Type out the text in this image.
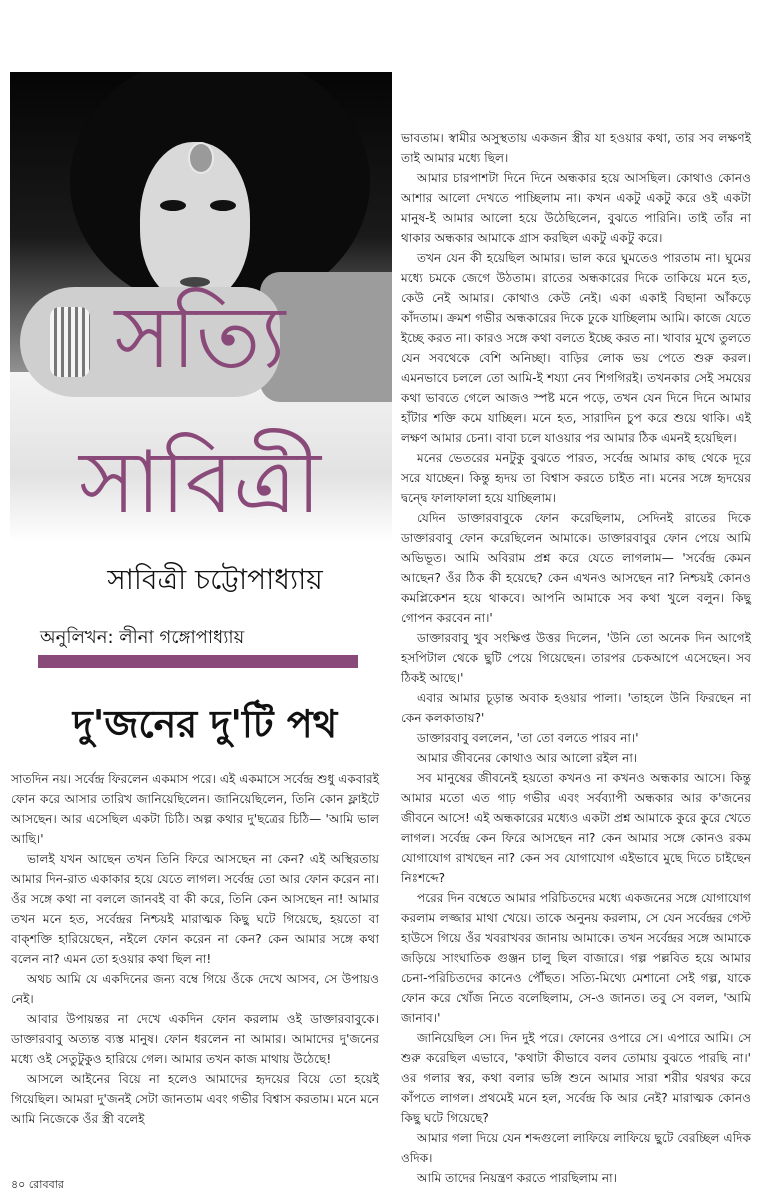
সত্যি
সাবিত্রী
সাবিত্রী চট্টোপাধ্যায়
অনুলিখন: লীনা গঙ্গোপাধ্যায়
দু'জনের দু'টি পথ

সাতদিন নয়। সর্বেন্দ্র ফিরলেন একমাস পরে। এই একমাসে সর্বেন্দ্র শুধু একবারই ফোন করে আসার তারিখ জানিয়েছিলেন। জানিয়েছিলেন, তিনি কোন ফ্লাইটে আসছেন। আর এসেছিল একটা চিঠি। অল্প কথার দু'ছত্রের চিঠি— 'আমি ভাল আছি।'

ভালই যখন আছেন তখন তিনি ফিরে আসছেন না কেন? এই অস্থিরতায় আমার দিন-রাত একাকার হয়ে যেতে লাগল। সর্বেন্দ্র তো আর ফোন করেন না। ওঁর সঙ্গে কথা না বললে জানবই বা কী করে, তিনি কেন আসছেন না! আমার তখন মনে হত, সর্বেন্দ্রর নিশ্চয়ই মারাত্মক কিছু ঘটে গিয়েছে, হয়তো বা বাক্‌শক্তি হারিয়েছেন, নইলে ফোন করেন না কেন? কেন আমার সঙ্গে কথা বলেন না? এমন তো হওয়ার কথা ছিল না!

অথচ আমি যে একদিনের জন্য বম্বে গিয়ে ওঁকে দেখে আসব, সে উপায়ও নেই।

আবার উপায়ন্তর না দেখে একদিন ফোন করলাম ওই ডাক্তারবাবুকে। ডাক্তারবাবু অত্যন্ত ব্যস্ত মানুষ। ফোন ধরলেন না আমার। আমাদের দু'জনের মধ্যে ওই সেতুটুকুও হারিয়ে গেল। আমার তখন কাজ মাথায় উঠেছে!

আসলে আইনের বিয়ে না হলেও আমাদের হৃদয়ের বিয়ে তো হয়েই গিয়েছিল। আমরা দু'জনই সেটা জানতাম এবং গভীর বিশ্বাস করতাম। মনে মনে আমি নিজেকে ওঁর স্ত্রী বলেই

ভাবতাম। স্বামীর অসুস্থতায় একজন স্ত্রীর যা হওয়ার কথা, তার সব লক্ষণই তাই আমার মধ্যে ছিল।

আমার চারপাশটা দিনে দিনে অন্ধকার হয়ে আসছিল। কোথাও কোনও আশার আলো দেখতে পাচ্ছিলাম না। কখন একটু একটু করে ওই একটা মানুষ-ই আমার আলো হয়ে উঠেছিলেন, বুঝতে পারিনি। তাই তাঁর না থাকার অন্ধকার আমাকে গ্রাস করছিল একটু একটু করে।

তখন যেন কী হয়েছিল আমার। ভাল করে ঘুমতেও পারতাম না। ঘুমের মধ্যে চমকে জেগে উঠতাম। রাতের অন্ধকারের দিকে তাকিয়ে মনে হত, কেউ নেই আমার। কোথাও কেউ নেই। একা একাই বিছানা আঁকড়ে কাঁদতাম। ক্রমশ গভীর অন্ধকারের দিকে ঢুকে যাচ্ছিলাম আমি। কাজে যেতে ইচ্ছে করত না। কারও সঙ্গে কথা বলতে ইচ্ছে করত না। খাবার মুখে তুলতে যেন সবথেকে বেশি অনিচ্ছা। বাড়ির লোক ভয় পেতে শুরু করল। এমনভাবে চললে তো আমি-ই শয্যা নেব শিগগিরই। তখনকার সেই সময়ের কথা ভাবতে গেলে আজও স্পষ্ট মনে পড়ে, তখন যেন দিনে দিনে আমার হাঁটার শক্তি কমে যাচ্ছিল। মনে হত, সারাদিন চুপ করে শুয়ে থাকি। এই লক্ষণ আমার চেনা। বাবা চলে যাওয়ার পর আমার ঠিক এমনই হয়েছিল।

মনের ভেতরের মনটুকু বুঝতে পারত, সর্বেন্দ্র আমার কাছ থেকে দূরে সরে যাচ্ছেন। কিন্তু হৃদয় তা বিশ্বাস করতে চাইত না। মনের সঙ্গে হৃদয়ের দ্বন্দ্বে ফালাফালা হয়ে যাচ্ছিলাম।

যেদিন ডাক্তারবাবুকে ফোন করেছিলাম, সেদিনই রাতের দিকে ডাক্তারবাবু ফোন করেছিলেন আমাকে। ডাক্তারবাবুর ফোন পেয়ে আমি অভিভূত। আমি অবিরাম প্রশ্ন করে যেতে লাগলাম— 'সর্বেন্দ্র কেমন আছেন? ওঁর ঠিক কী হয়েছে? কেন এখনও আসছেন না? নিশ্চয়ই কোনও কমপ্লিকেশন হয়ে থাকবে। আপনি আমাকে সব কথা খুলে বলুন। কিছু গোপন করবেন না।'

ডাক্তারবাবু খুব সংক্ষিপ্ত উত্তর দিলেন, 'উনি তো অনেক দিন আগেই হসপিটাল থেকে ছুটি পেয়ে গিয়েছেন। তারপর চেকআপে এসেছেন। সব ঠিকই আছে।'

এবার আমার চূড়ান্ত অবাক হওয়ার পালা। 'তাহলে উনি ফিরছেন না কেন কলকাতায়?'

ডাক্তারবাবু বললেন, 'তা তো বলতে পারব না।'

আমার জীবনের কোথাও আর আলো রইল না।

সব মানুষের জীবনেই হয়তো কখনও না কখনও অন্ধকার আসে। কিন্তু আমার মতো এত গাঢ় গভীর এবং সর্বব্যাপী অন্ধকার আর ক'জনের জীবনে আসে! এই অন্ধকারের মধ্যেও একটা প্রশ্ন আমাকে কুরে কুরে খেতে লাগল। সর্বেন্দ্র কেন ফিরে আসছেন না? কেন আমার সঙ্গে কোনও রকম যোগাযোগ রাখছেন না? কেন সব যোগাযোগ এইভাবে মুছে দিতে চাইছেন নিঃশব্দে?

পরের দিন বম্বেতে আমার পরিচিতদের মধ্যে একজনের সঙ্গে যোগাযোগ করলাম লজ্জার মাথা খেয়ে। তাকে অনুনয় করলাম, সে যেন সর্বেন্দ্রর গেস্ট হাউসে গিয়ে ওঁর খবরাখবর জানায় আমাকে। তখন সর্বেন্দ্রর সঙ্গে আমাকে জড়িয়ে সাংঘাতিক গুঞ্জন চালু ছিল বাজারে। গল্প পল্লবিত হয়ে আমার চেনা-পরিচিতদের কানেও পৌঁছত। সত্যি-মিথ্যে মেশানো সেই গল্প, যাকে ফোন করে খোঁজ নিতে বলেছিলাম, সে-ও জানত। তবু সে বলল, 'আমি জানাব।'

জানিয়েছিল সে। দিন দুই পরে। ফোনের ওপারে সে। এপারে আমি। সে শুরু করেছিল এভাবে, 'কথাটা কীভাবে বলব তোমায় বুঝতে পারছি না।' ওর গলার স্বর, কথা বলার ভঙ্গি শুনে আমার সারা শরীর থরথর করে কাঁপতে লাগল। প্রথমেই মনে হল, সর্বেন্দ্র কি আর নেই? মারাত্মক কোনও কিছু ঘটে গিয়েছে?

আমার গলা দিয়ে যেন শব্দগুলো লাফিয়ে লাফিয়ে ছুটে বেরচ্ছিল এদিক ওদিক।

আমি তাদের নিয়ন্ত্রণ করতে পারছিলাম না।

৪০ রোববার
